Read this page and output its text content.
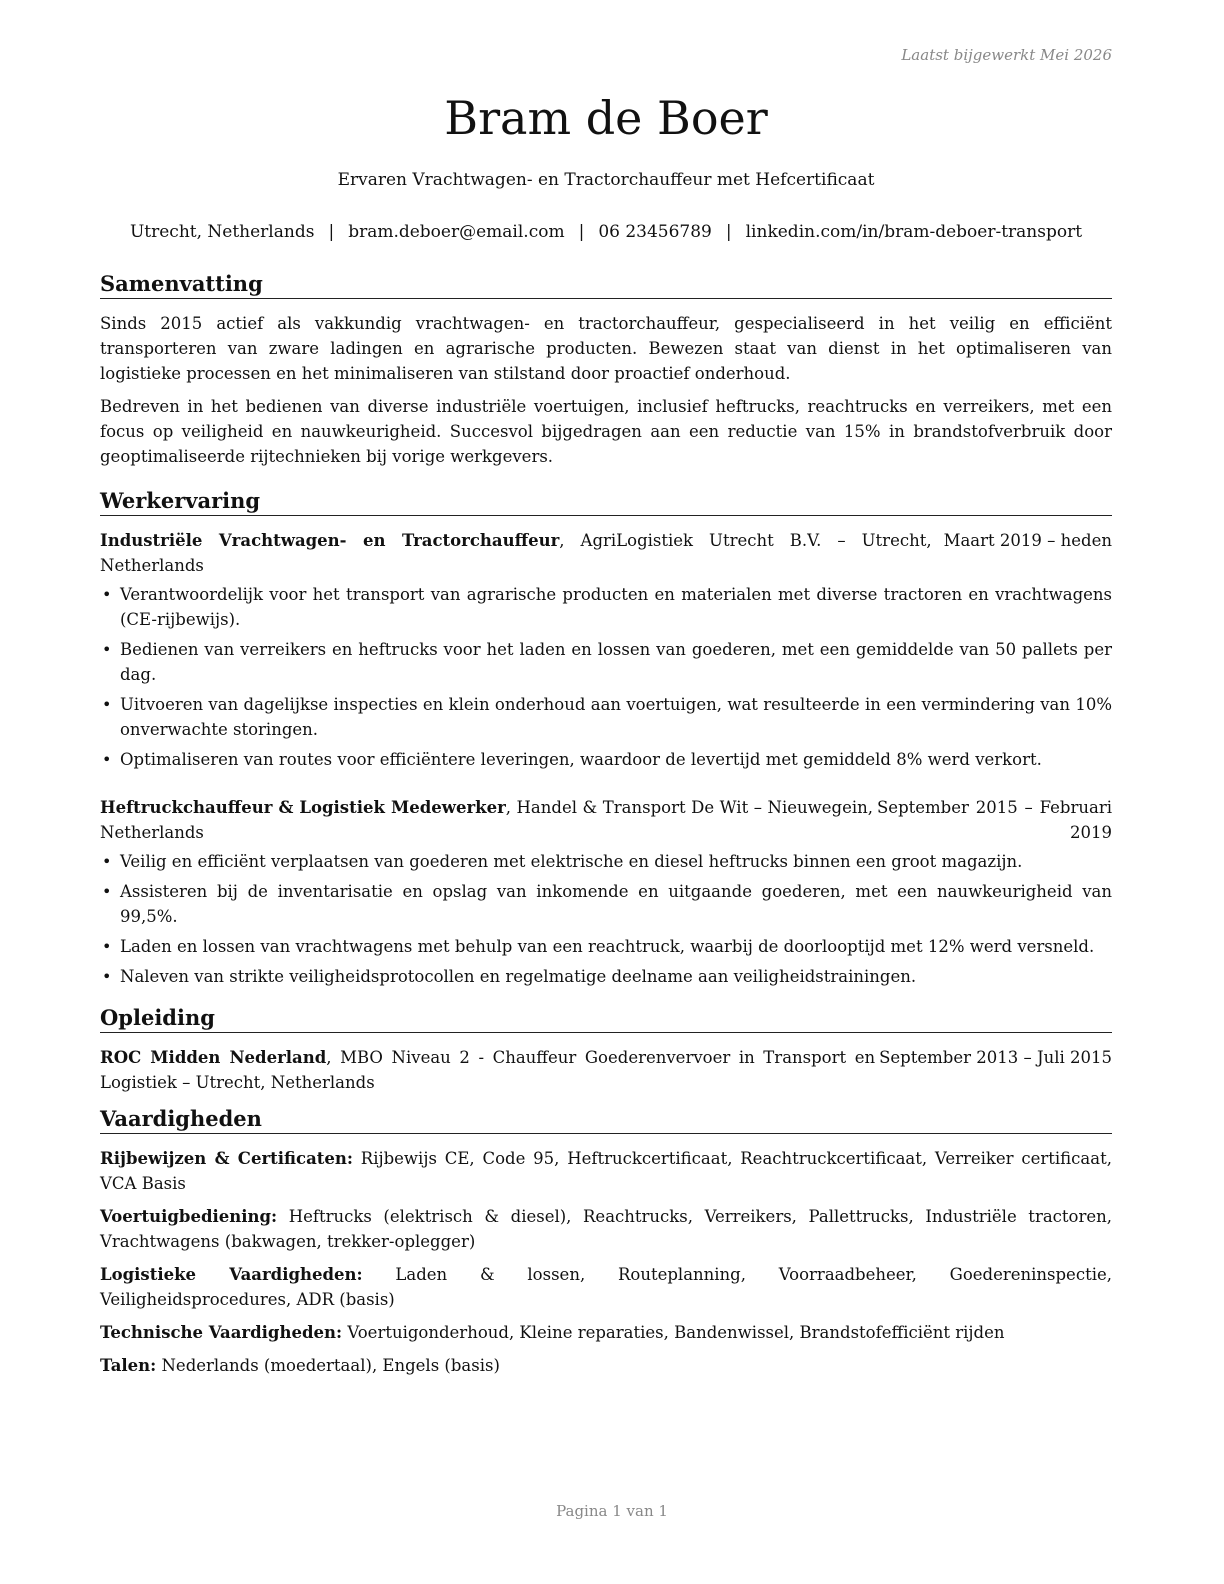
Laatst bijgewerkt Mei 2026
Bram de Boer
Ervaren Vrachtwagen- en Tractorchauffeur met Hefcertificaat
Utrecht, Netherlands | bram.deboer@email.com | 06 23456789 | linkedin.com/in/bram-deboer-transport
Samenvatting

Sinds 2015 actief als vakkundig vrachtwagen- en tractorchauffeur, gespecialiseerd in het veilig en efficiënt transporteren van zware ladingen en agrarische producten. Bewezen staat van dienst in het optimaliseren van logistieke processen en het minimaliseren van stilstand door proactief onderhoud.

Bedreven in het bedienen van diverse industriële voertuigen, inclusief heftrucks, reachtrucks en verreikers, met een focus op veiligheid en nauwkeurigheid. Succesvol bijgedragen aan een reductie van 15% in brandstofverbruik door geoptimaliseerde rijtechnieken bij vorige werkgevers.

Werkervaring
Industriële Vrachtwagen- en Tractorchauffeur, AgriLogistiek Utrecht B.V. – Utrecht, Netherlands
Maart 2019 – heden
• Verantwoordelijk voor het transport van agrarische producten en materialen met diverse tractoren en vrachtwagens (CE-rijbewijs).
• Bedienen van verreikers en heftrucks voor het laden en lossen van goederen, met een gemiddelde van 50 pallets per dag.
• Uitvoeren van dagelijkse inspecties en klein onderhoud aan voertuigen, wat resulteerde in een vermindering van 10% onverwachte storingen.
• Optimaliseren van routes voor efficiëntere leveringen, waardoor de levertijd met gemiddeld 8% werd verkort.
Heftruckchauffeur & Logistiek Medewerker, Handel & Transport De Wit – Nieuwegein, Netherlands
September 2015 – Februari 2019
• Veilig en efficiënt verplaatsen van goederen met elektrische en diesel heftrucks binnen een groot magazijn.
• Assisteren bij de inventarisatie en opslag van inkomende en uitgaande goederen, met een nauwkeurigheid van 99,5%.
• Laden en lossen van vrachtwagens met behulp van een reachtruck, waarbij de doorlooptijd met 12% werd versneld.
• Naleven van strikte veiligheidsprotocollen en regelmatige deelname aan veiligheidstrainingen.
Opleiding
ROC Midden Nederland, MBO Niveau 2 - Chauffeur Goederenvervoer in Transport en Logistiek – Utrecht, Netherlands
September 2013 – Juli 2015
Vaardigheden
Rijbewijzen & Certificaten: Rijbewijs CE, Code 95, Heftruckcertificaat, Reachtruckcertificaat, Verreiker certificaat, VCA Basis
Voertuigbediening: Heftrucks (elektrisch & diesel), Reachtrucks, Verreikers, Pallettrucks, Industriële tractoren, Vrachtwagens (bakwagen, trekker-oplegger)
Logistieke Vaardigheden: Laden & lossen, Routeplanning, Voorraadbeheer, Goedereninspectie, Veiligheidsprocedures, ADR (basis)
Technische Vaardigheden: Voertuigonderhoud, Kleine reparaties, Bandenwissel, Brandstofefficiënt rijden
Talen: Nederlands (moedertaal), Engels (basis)
Pagina 1 van 1
